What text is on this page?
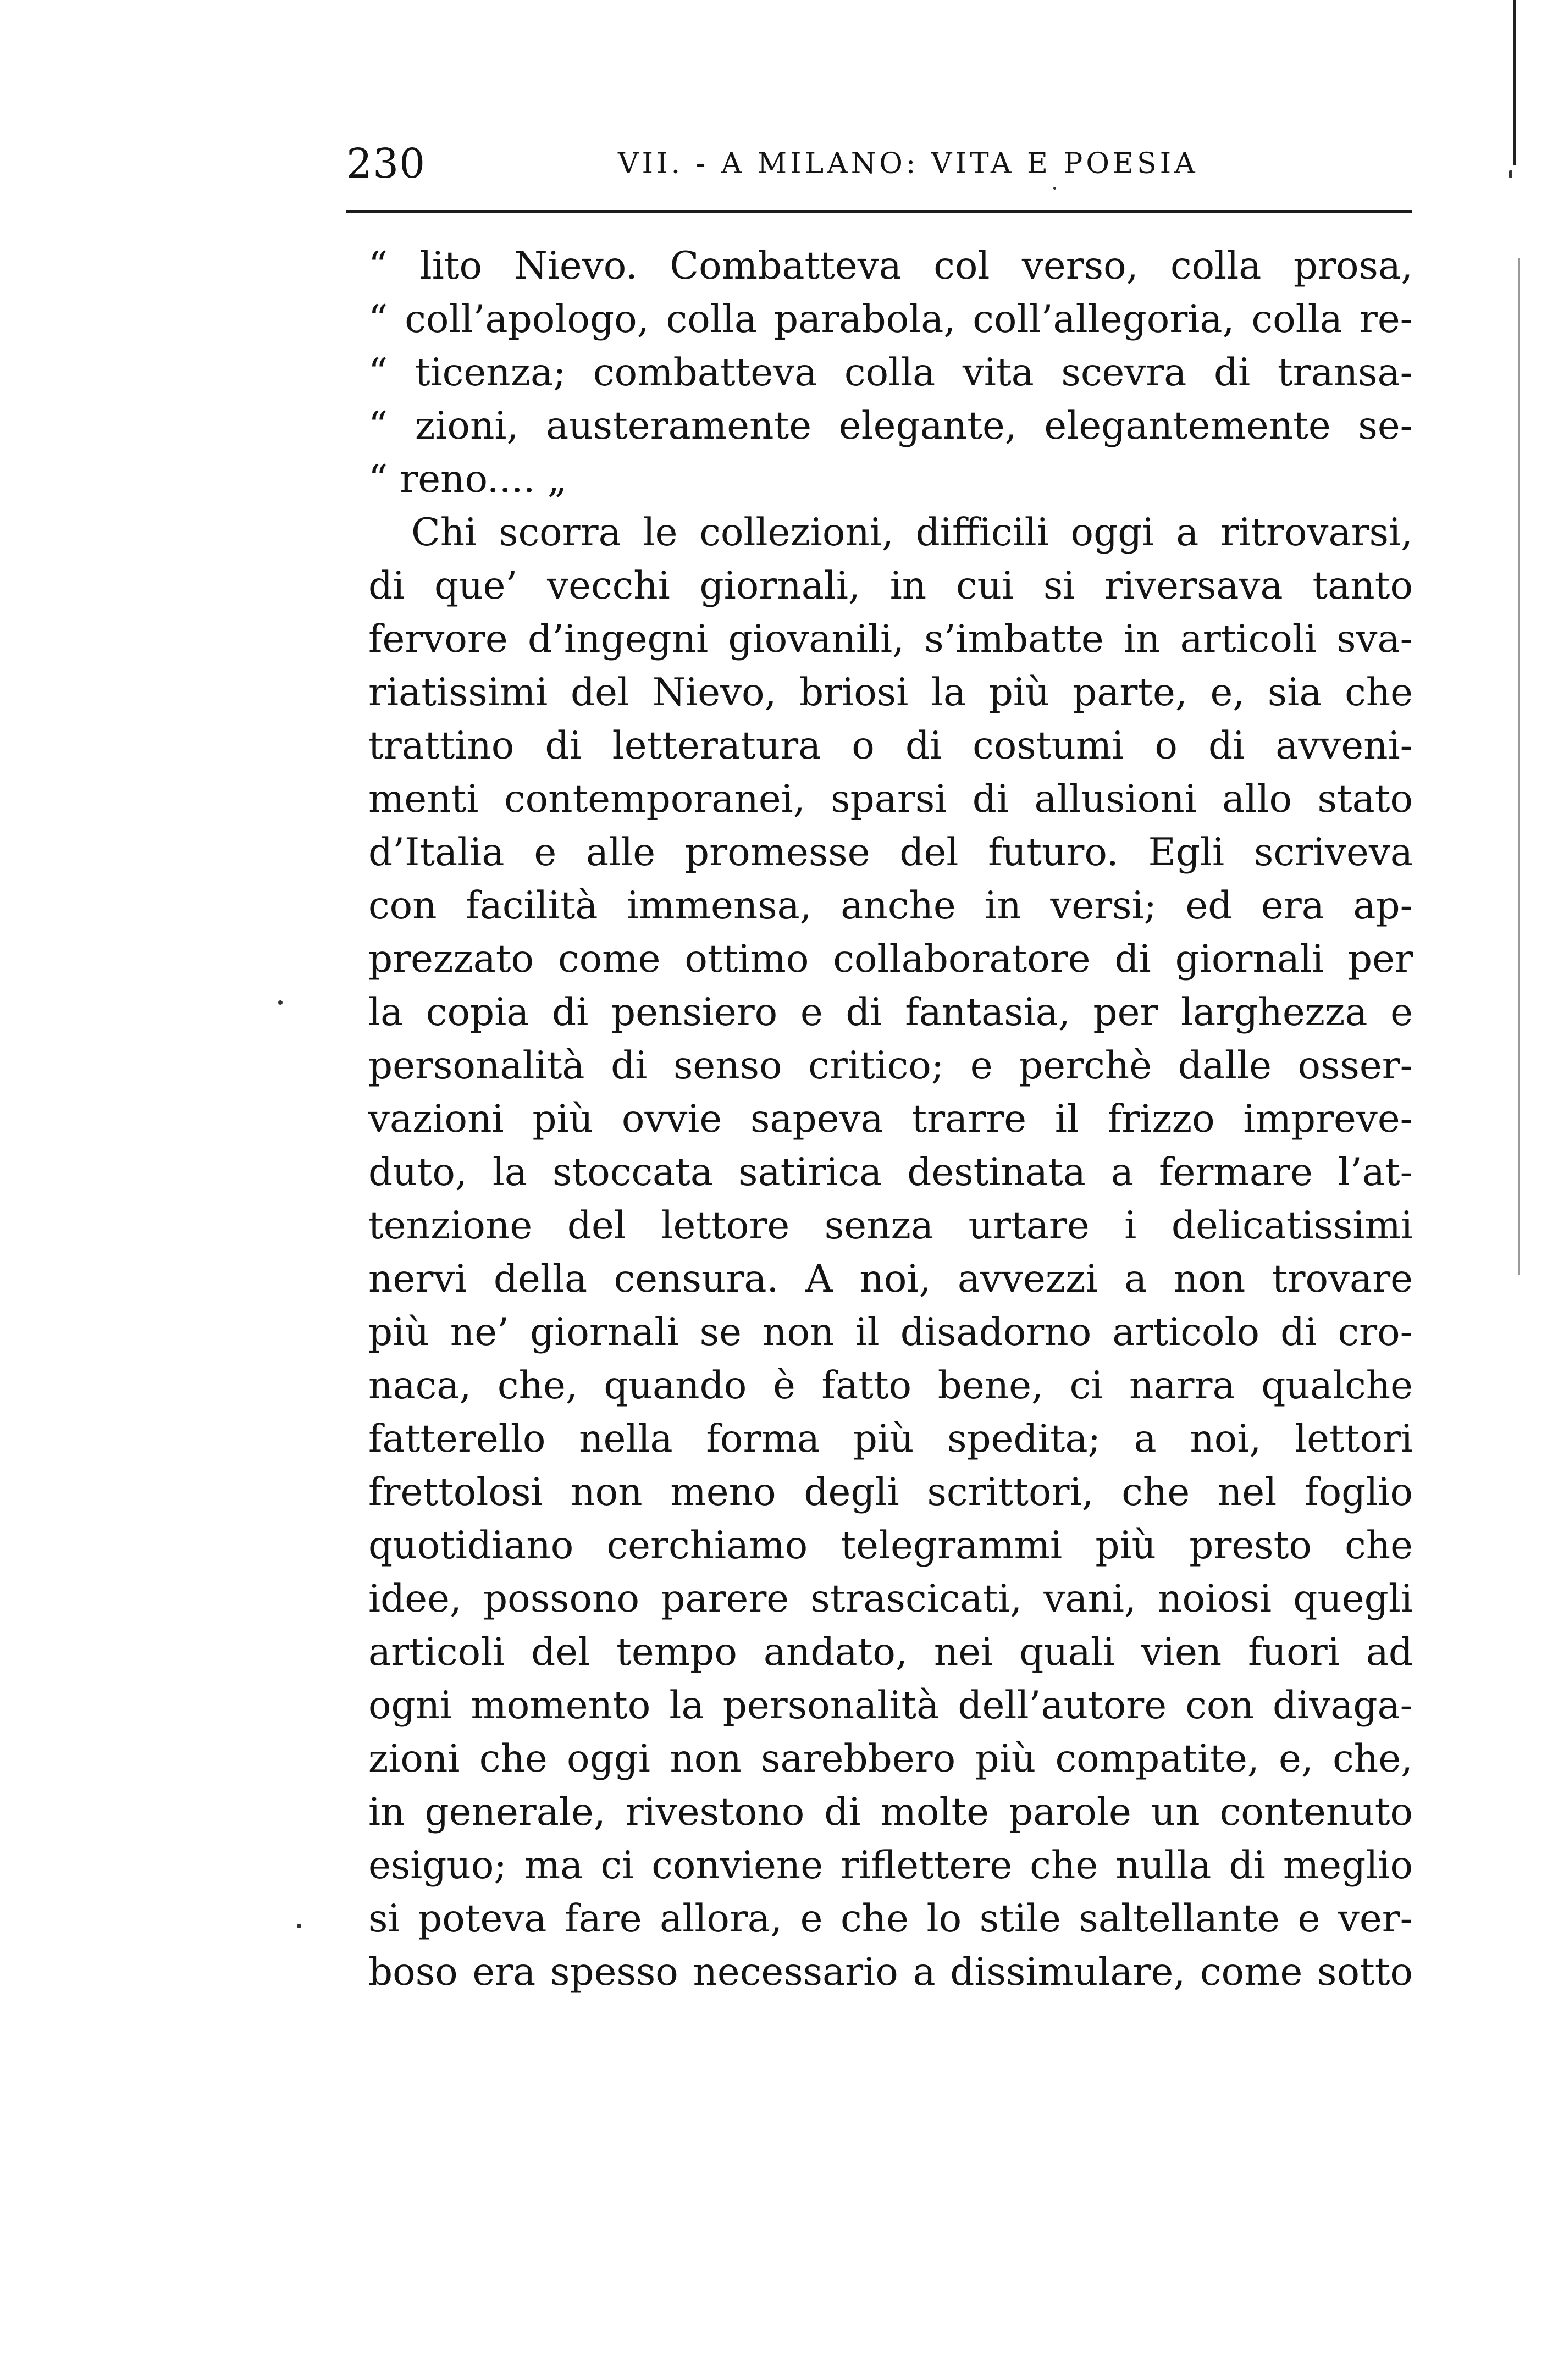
230	VII. - A MILANO: VITA E POESIA
“ lito Nievo. Combatteva col verso, colla prosa,
“ coll’apologo, colla parabola, coll’allegoria, colla re-
“ ticenza; combatteva colla vita scevra di transa-
“ zioni, austeramente elegante, elegantemente se-
“ reno.... „
Chi scorra le collezioni, difficili oggi a ritrovarsi,
di que’ vecchi giornali, in cui si riversava tanto
fervore d’ingegni giovanili, s’imbatte in articoli sva-
riatissimi del Nievo, briosi la più parte, e, sia che
trattino di letteratura o di costumi o di avveni-
menti contemporanei, sparsi di allusioni allo stato
d’Italia e alle promesse del futuro. Egli scriveva
con facilità immensa, anche in versi; ed era ap-
prezzato come ottimo collaboratore di giornali per
la copia di pensiero e di fantasia, per larghezza e
personalità di senso critico; e perchè dalle osser-
vazioni più ovvie sapeva trarre il frizzo impreve-
duto, la stoccata satirica destinata a fermare l’at-
tenzione del lettore senza urtare i delicatissimi
nervi della censura. A noi, avvezzi a non trovare
più ne’ giornali se non il disadorno articolo di cro-
naca, che, quando è fatto bene, ci narra qualche
fatterello nella forma più spedita; a noi, lettori
frettolosi non meno degli scrittori, che nel foglio
quotidiano cerchiamo telegrammi più presto che
idee, possono parere strascicati, vani, noiosi quegli
articoli del tempo andato, nei quali vien fuori ad
ogni momento la personalità dell’autore con divaga-
zioni che oggi non sarebbero più compatite, e, che,
in generale, rivestono di molte parole un contenuto
esiguo; ma ci conviene riflettere che nulla di meglio
si poteva fare allora, e che lo stile saltellante e ver-
boso era spesso necessario a dissimulare, come sotto
